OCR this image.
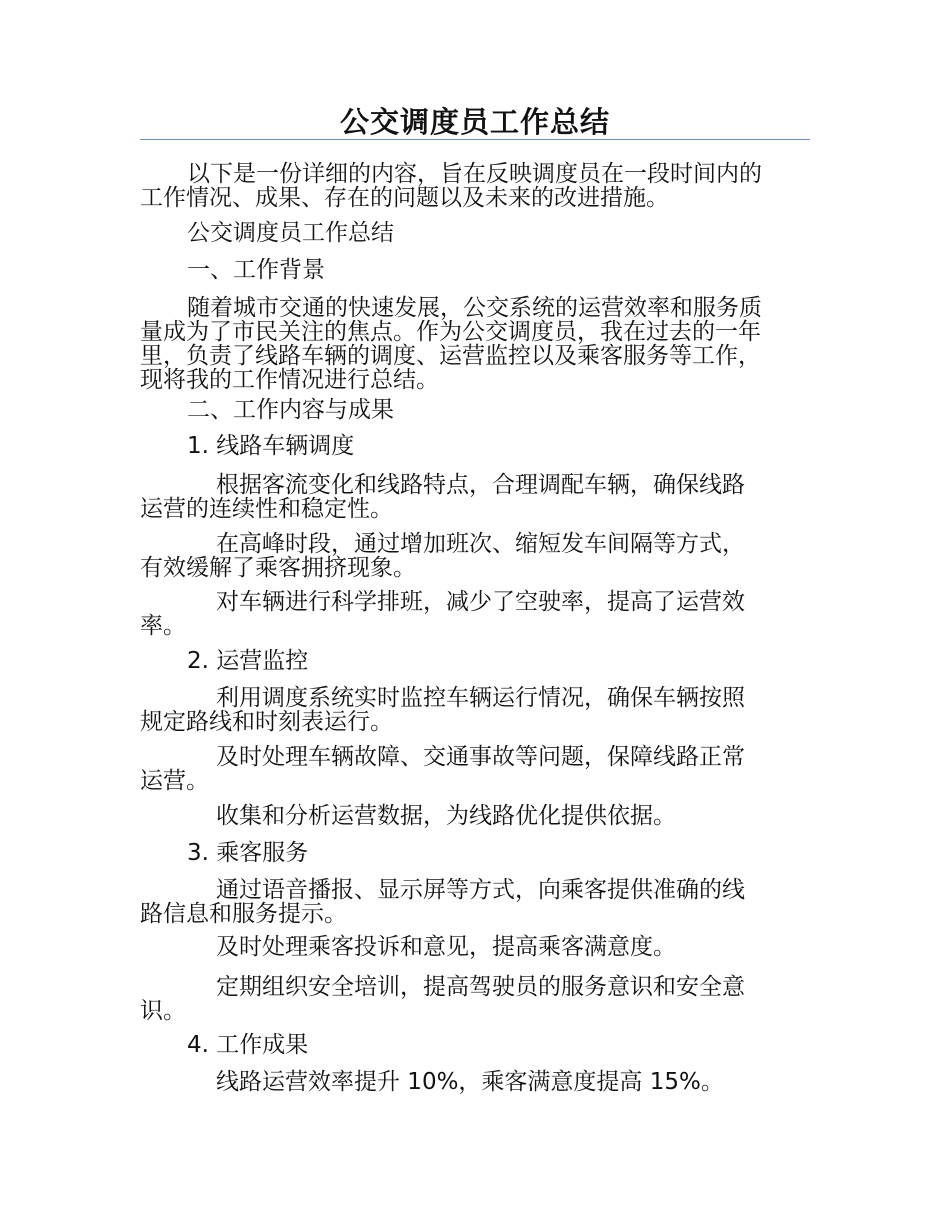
公交调度员工作总结
以下是一份详细的内容，旨在反映调度员在一段时间内的
工作情况、成果、存在的问题以及未来的改进措施。
公交调度员工作总结
一、工作背景
随着城市交通的快速发展，公交系统的运营效率和服务质
量成为了市民关注的焦点。作为公交调度员，我在过去的一年
里，负责了线路车辆的调度、运营监控以及乘客服务等工作，
现将我的工作情况进行总结。
二、工作内容与成果
1. 线路车辆调度
根据客流变化和线路特点，合理调配车辆，确保线路
运营的连续性和稳定性。
在高峰时段，通过增加班次、缩短发车间隔等方式，
有效缓解了乘客拥挤现象。
对车辆进行科学排班，减少了空驶率，提高了运营效
率。
2. 运营监控
利用调度系统实时监控车辆运行情况，确保车辆按照
规定路线和时刻表运行。
及时处理车辆故障、交通事故等问题，保障线路正常
运营。
收集和分析运营数据，为线路优化提供依据。
3. 乘客服务
通过语音播报、显示屏等方式，向乘客提供准确的线
路信息和服务提示。
及时处理乘客投诉和意见，提高乘客满意度。
定期组织安全培训，提高驾驶员的服务意识和安全意
识。
4. 工作成果
线路运营效率提升 10%，乘客满意度提高 15%。
